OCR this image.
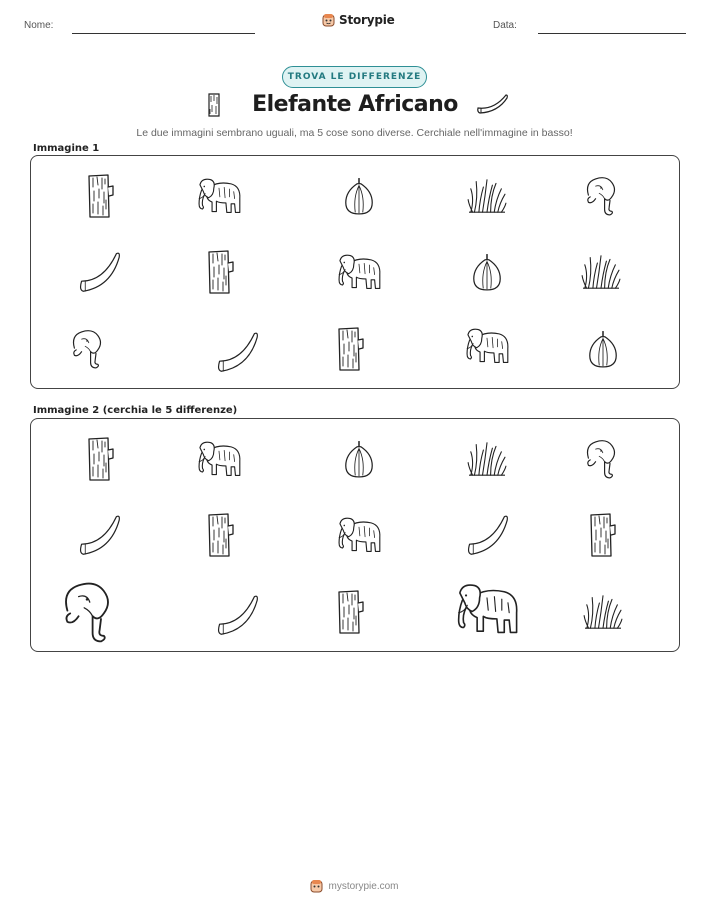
Nome:	Storypie	Data:
TROVA LE DIFFERENZE
Elefante Africano
Le due immagini sembrano uguali, ma 5 cose sono diverse. Cerchiale nell'immagine in basso!
Immagine 1
Immagine 2 (cerchia le 5 differenze)
mystorypie.com
